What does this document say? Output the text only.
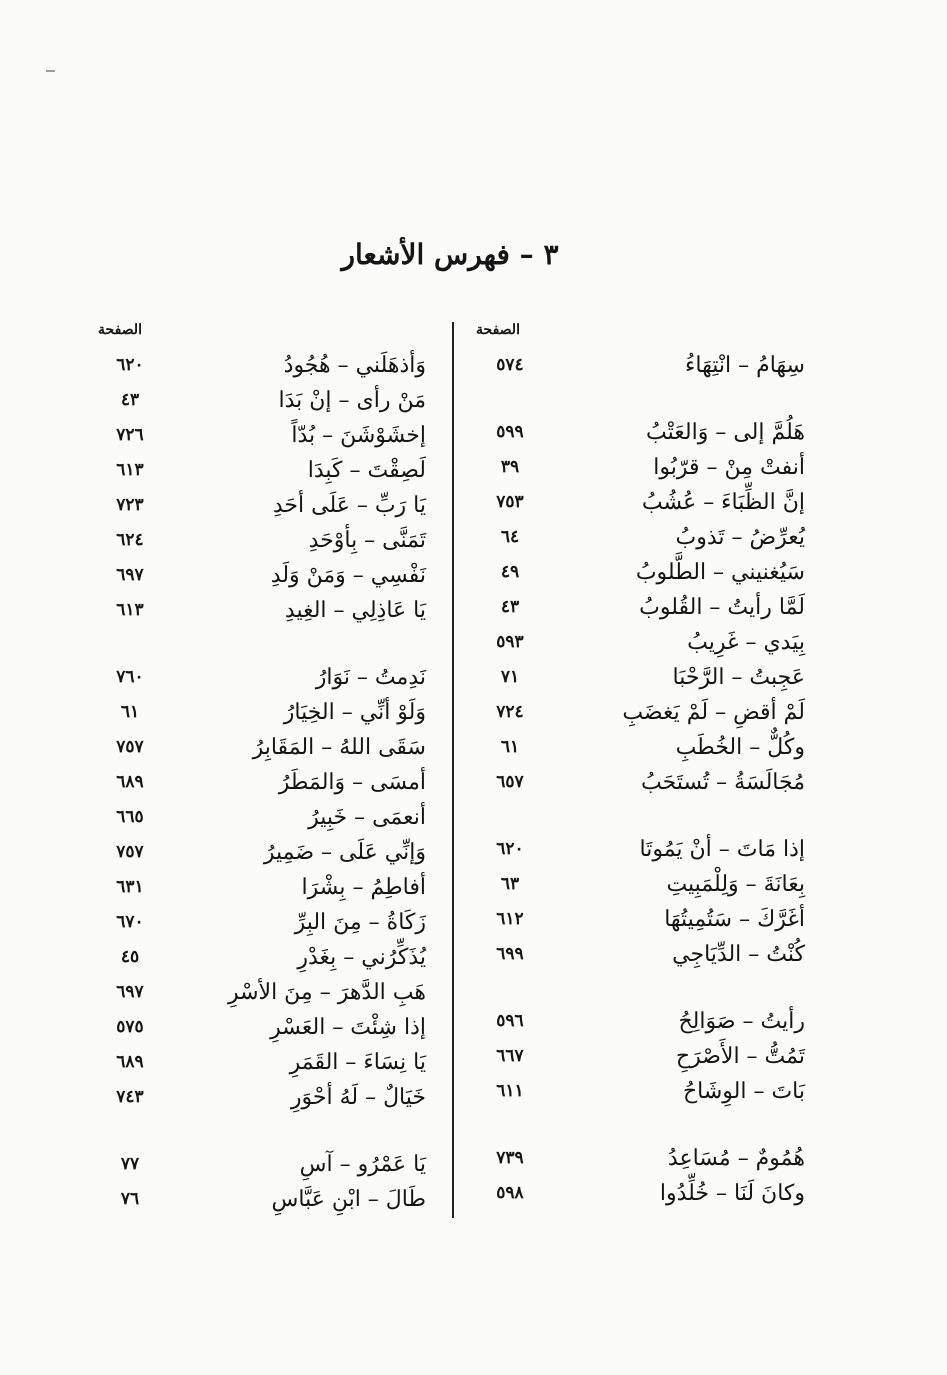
٣ – فهرس الأشعار
الصفحة
الصفحة
سِهَامُ – انْتِهَاءُ
٥٧٤
هَلُمَّ إلى – وَالعَتْبُ
٥٩٩
أنفتْ مِنْ – قرّبُوا
٣٩
إنَّ الظِّبَاءَ – عُشُبُ
٧٥٣
يُعرِّضُ – تَذوبُ
٦٤
سَيُغنيني – الطَّلوبُ
٤٩
لَمَّا رأيتُ – القُلوبُ
٤٣
بِيَدي – غَرِيبُ
٥٩٣
عَجِبتُ – الرَّحْبَا
٧١
لَمْ أقضِ – لَمْ يَغضَبِ
٧٢٤
وكُلٌّ – الخُطَبِ
٦١
مُجَالَسَةُ – تُستَحَبُ
٦٥٧
إذا مَاتَ – أنْ يَمُوتَا
٦٢٠
بِعَانَةَ – وَلِلْمَبِيتِ
٦٣
أغَرَّكَ – سَتُمِيتُهَا
٦١٢
كُنْتُ – الدِّيَاجِي
٦٩٩
رأيتُ – صَوَالِحُ
٥٩٦
تَمُتُّ – الأَصْرَحِ
٦٦٧
بَاتَ – الوِشَاحُ
٦١١
هُمُومٌ – مُسَاعِدُ
٧٣٩
وكانَ لَنَا – خُلِّدُوا
٥٩٨
وَأذهَلَني – هُجُودُ
٦٢٠
مَنْ رأى – إنْ بَدَا
٤٣
إخشَوْشَنَ – بُدّاً
٧٢٦
لَصِقْتَ – كَبِدَا
٦١٣
يَا رَبِّ – عَلَى أحَدِ
٧٢٣
تَمَنَّى – بِأوْحَدِ
٦٢٤
نَفْسِي – وَمَنْ وَلَدِ
٦٩٧
يَا عَاذِلِي – الغِيدِ
٦١٣
نَدِمتُ – نَوَارُ
٧٦٠
وَلَوْ أنِّي – الخِيَارُ
٦١
سَقَى اللهُ – المَقَابِرُ
٧٥٧
أمسَى – وَالمَطَرُ
٦٨٩
أنعمَى – خَبِيرُ
٦٦٥
وَإنِّي عَلَى – ضَمِيرُ
٧٥٧
أفاطِمُ – بِشْرَا
٦٣١
زَكَاةُ – مِنَ البِرِّ
٦٧٠
يُذَكِّرُني – بِغَدْرِ
٤٥
هَبِ الدَّهرَ – مِنَ الأسْرِ
٦٩٧
إذا شِئْتَ – العَسْرِ
٥٧٥
يَا نِسَاءَ – القَمَرِ
٦٨٩
خَيَالٌ – لَهُ أحْوَرِ
٧٤٣
يَا عَمْرُو – آسِ
٧٧
طَالَ – ابْنِ عَبَّاسِ
٧٦
